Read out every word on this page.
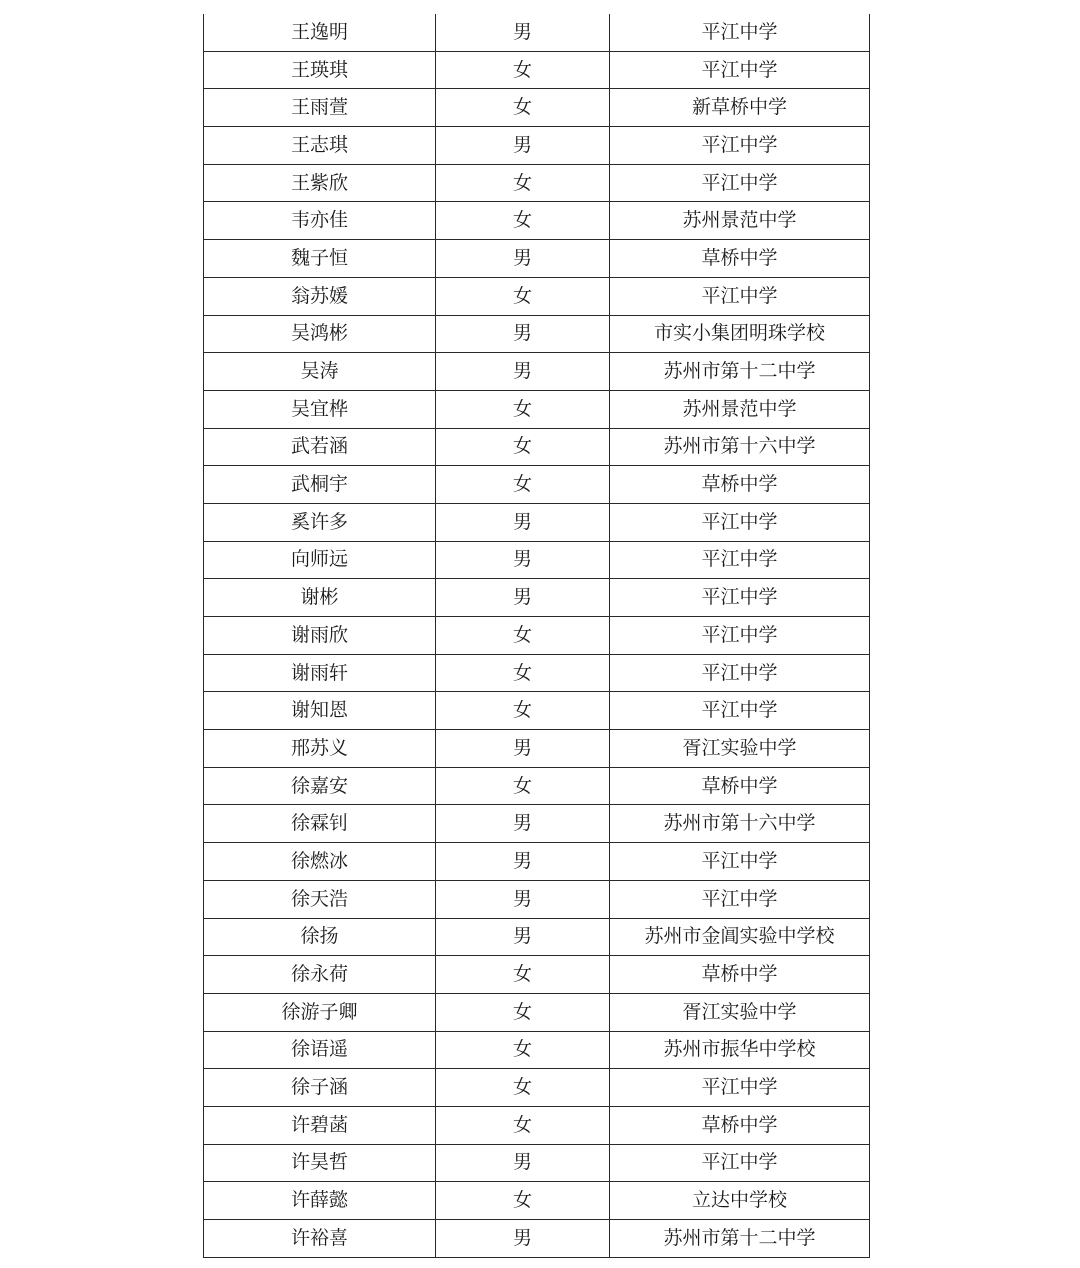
王逸明	男	平江中学
王瑛琪	女	平江中学
王雨萱	女	新草桥中学
王志琪	男	平江中学
王紫欣	女	平江中学
韦亦佳	女	苏州景范中学
魏子恒	男	草桥中学
翁苏媛	女	平江中学
吴鸿彬	男	市实小集团明珠学校
吴涛	男	苏州市第十二中学
吴宜桦	女	苏州景范中学
武若涵	女	苏州市第十六中学
武桐宇	女	草桥中学
奚许多	男	平江中学
向师远	男	平江中学
谢彬	男	平江中学
谢雨欣	女	平江中学
谢雨轩	女	平江中学
谢知恩	女	平江中学
邢苏义	男	胥江实验中学
徐嘉安	女	草桥中学
徐霖钊	男	苏州市第十六中学
徐燃冰	男	平江中学
徐天浩	男	平江中学
徐扬	男	苏州市金阊实验中学校
徐永荷	女	草桥中学
徐游子卿	女	胥江实验中学
徐语遥	女	苏州市振华中学校
徐子涵	女	平江中学
许碧菡	女	草桥中学
许昊哲	男	平江中学
许薛懿	女	立达中学校
许裕喜	男	苏州市第十二中学
